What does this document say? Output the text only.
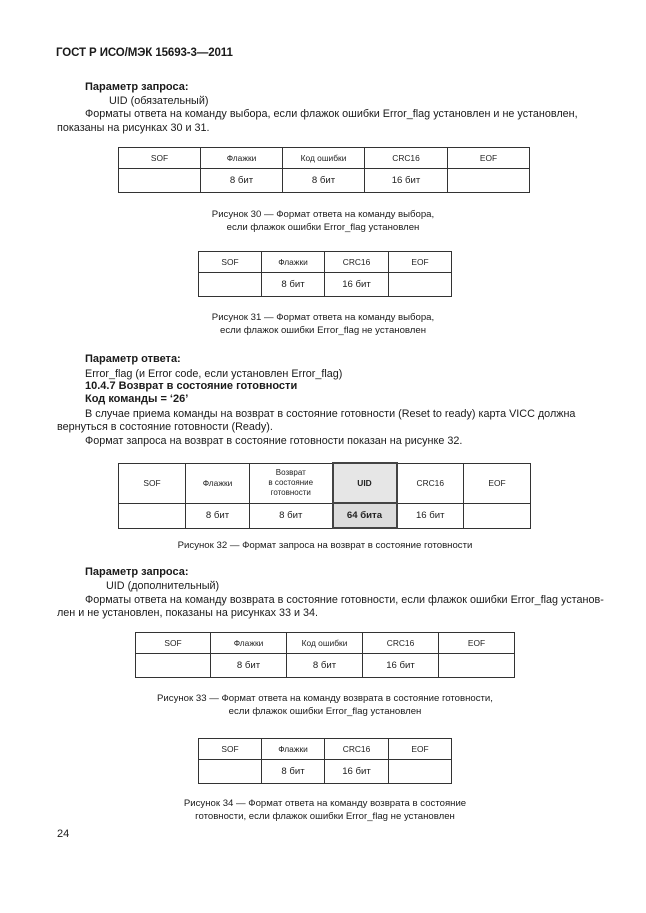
ГОСТ Р ИСО/МЭК 15693-3—2011
Параметр запроса:
UID (обязательный)
Форматы ответа на команду выбора, если флажок ошибки Error_flag установлен и не установлен,
показаны на рисунках 30 и 31.
SOF	Флажки	Код ошибки	CRC16	EOF
	8 бит	8 бит	16 бит	
Рисунок 30 — Формат ответа на команду выбора,
если флажок ошибки Error_flag установлен
SOF	Флажки	CRC16	EOF
	8 бит	16 бит	
Рисунок 31 — Формат ответа на команду выбора,
если флажок ошибки Error_flag не установлен
Параметр ответа:
Error_flag (и Error code, если установлен Error_flag)
10.4.7 Возврат в состояние готовности
Код команды = ‘26’
В случае приема команды на возврат в состояние готовности (Reset to ready) карта VICC должна
вернуться в состояние готовности (Ready).
Формат запроса на возврат в состояние готовности показан на рисунке 32.
SOF	Флажки	Возврат
в состояние
готовности	UID	CRC16	EOF
	8 бит	8 бит	64 бита	16 бит	
Рисунок 32 — Формат запроса на возврат в состояние готовности
Параметр запроса:
UID (дополнительный)
Форматы ответа на команду возврата в состояние готовности, если флажок ошибки Error_flag установ-
лен и не установлен, показаны на рисунках 33 и 34.
SOF	Флажки	Код ошибки	CRC16	EOF
	8 бит	8 бит	16 бит	
Рисунок 33 — Формат ответа на команду возврата в состояние готовности,
если флажок ошибки Error_flag установлен
SOF	Флажки	CRC16	EOF
	8 бит	16 бит	
Рисунок 34 — Формат ответа на команду возврата в состояние
готовности, если флажок ошибки Error_flag не установлен
24
